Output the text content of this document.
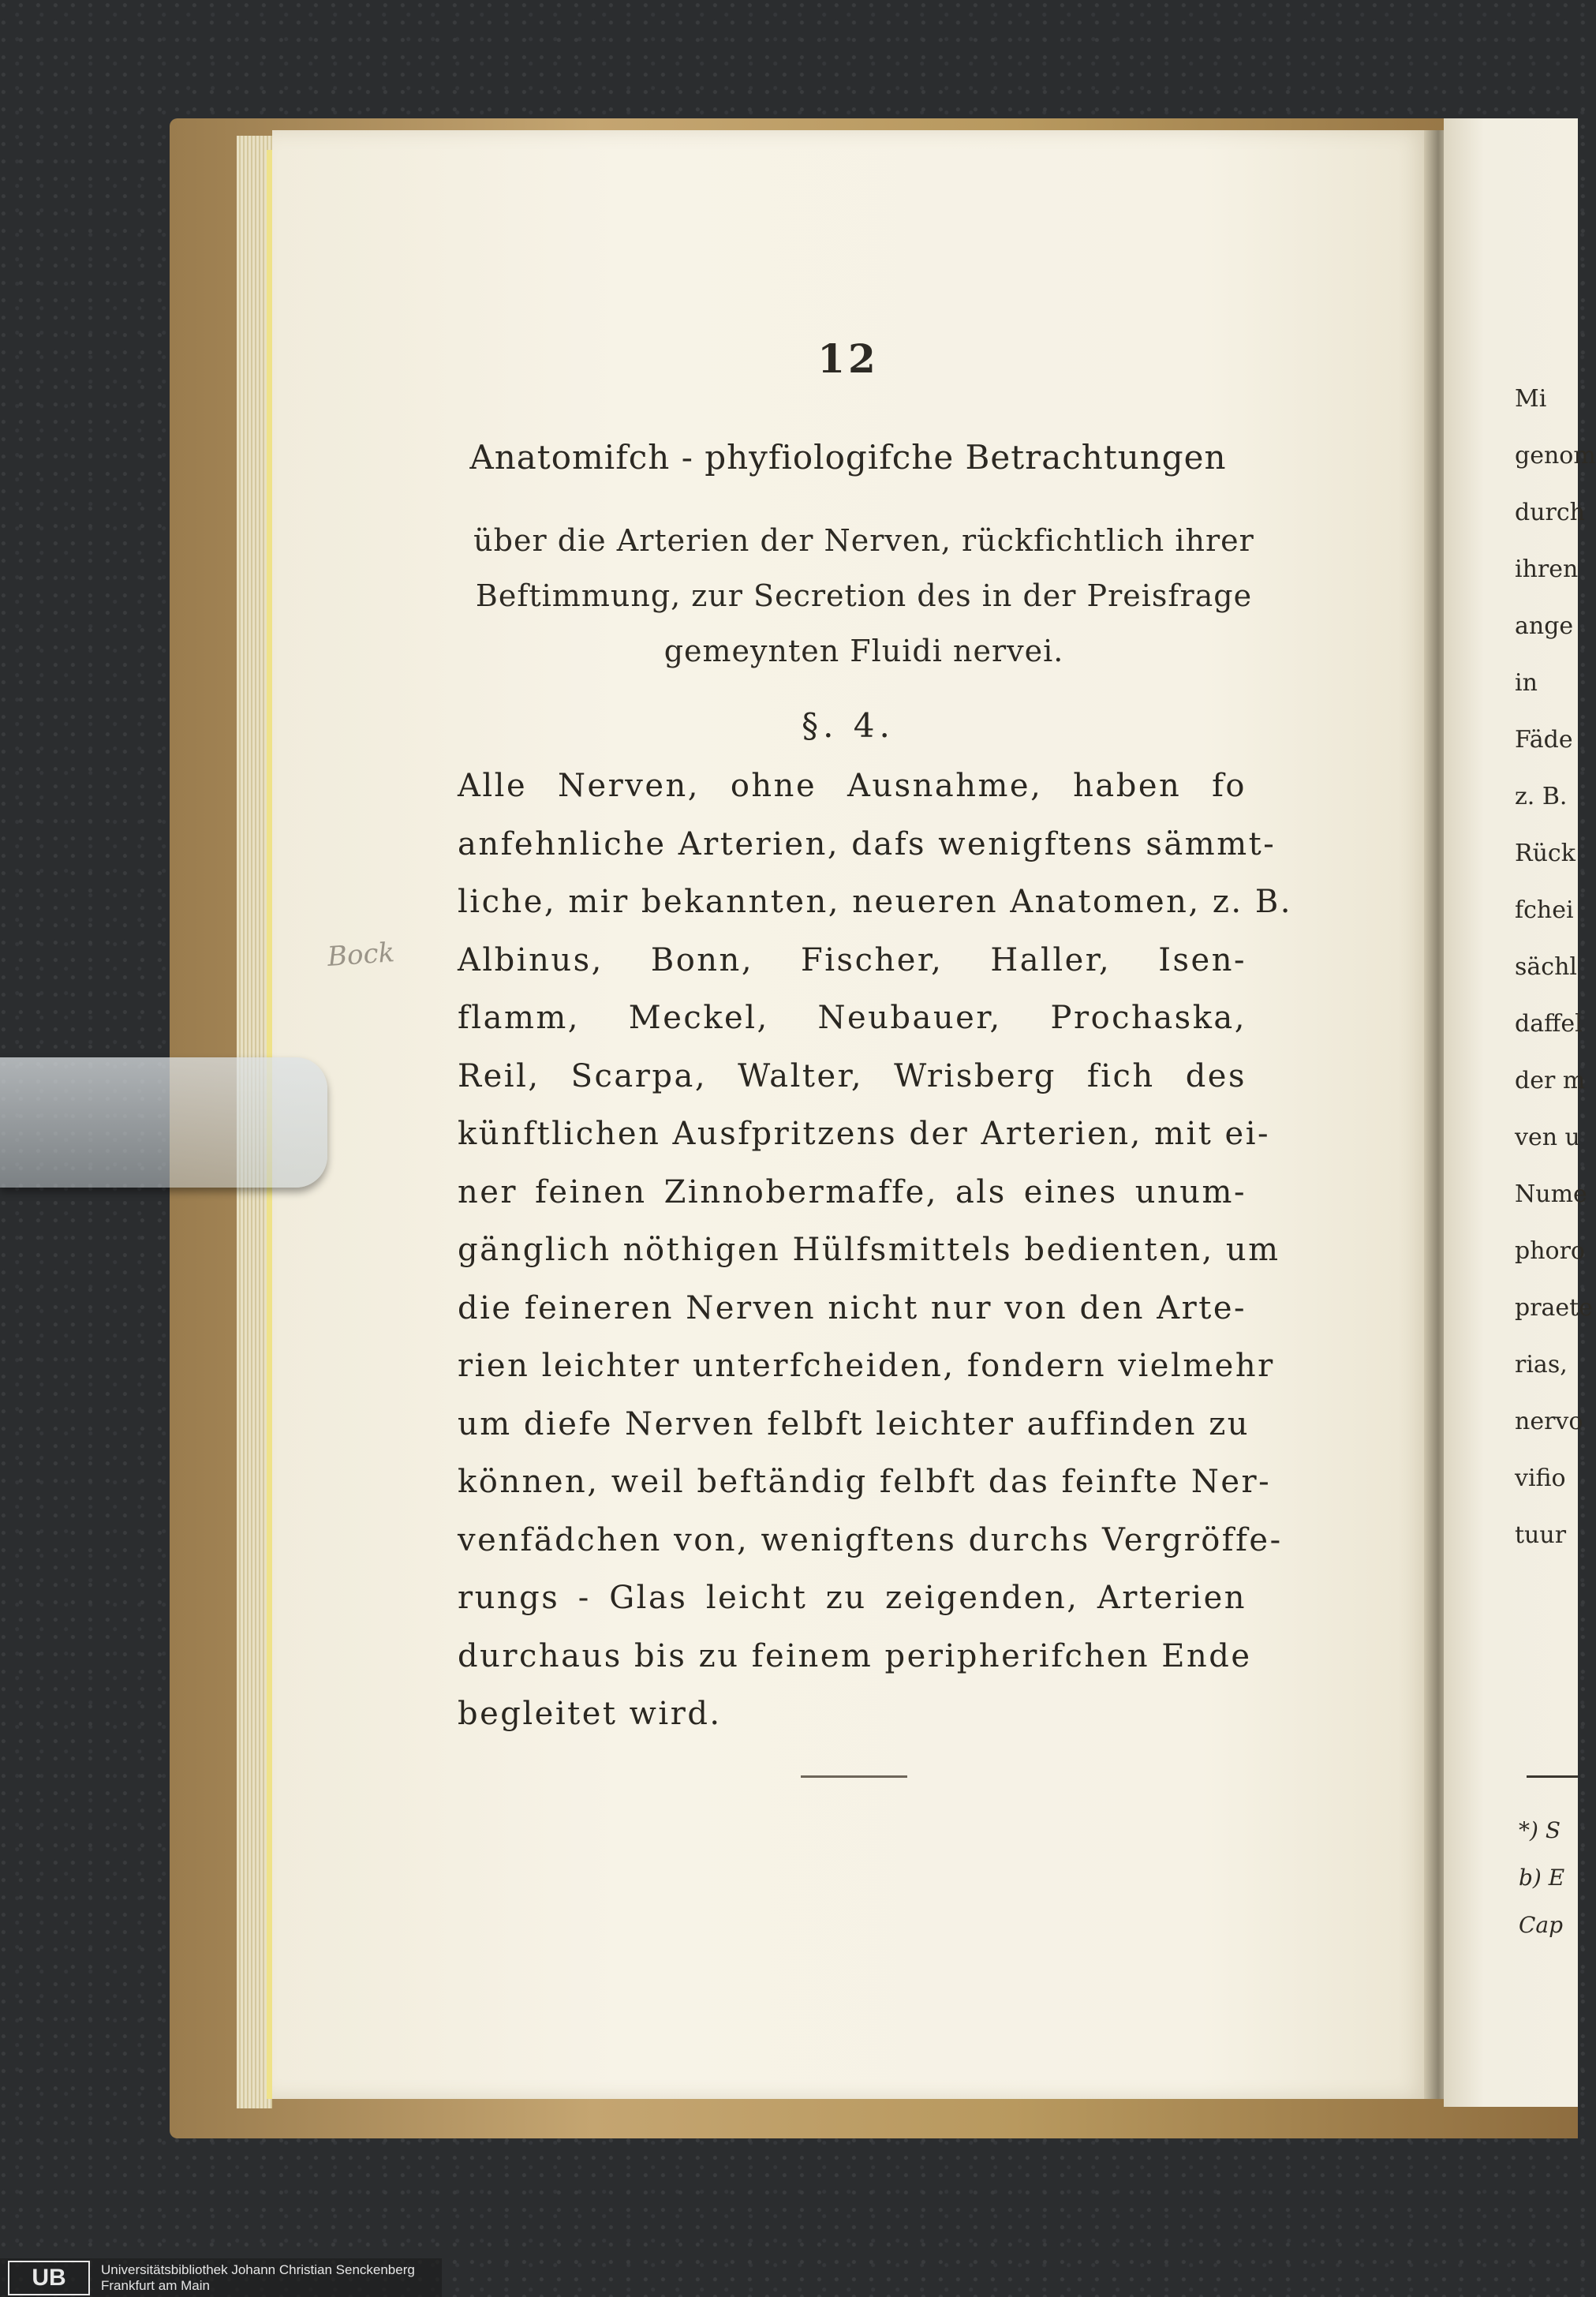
12
Anatomifch - phyfiologifche Betrachtungen
über die Arterien der Nerven, rückfichtlich ihrer
Beftimmung, zur Secretion des in der Preisfrage
gemeynten Fluidi nervei.
§. 4.
Alle Nerven, ohne Ausnahme, haben fo
anfehnliche Arterien, dafs wenigftens sämmt-
liche, mir bekannten, neueren Anatomen, z. B.
Albinus, Bonn, Fischer, Haller, Isen-
flamm, Meckel, Neubauer, Prochaska,
Reil, Scarpa, Walter, Wrisberg fich des
künftlichen Ausfpritzens der Arterien, mit ei-
ner feinen Zinnobermaffe, als eines unum-
gänglich nöthigen Hülfsmittels bedienten, um
die feineren Nerven nicht nur von den Arte-
rien leichter unterfcheiden, fondern vielmehr
um diefe Nerven felbft leichter auffinden zu
können, weil beftändig felbft das feinfte Ner-
venfädchen von, wenigftens durchs Vergröffe-
rungs - Glas leicht zu zeigenden, Arterien
durchaus bis zu feinem peripherifchen Ende
begleitet wird.
Bock
Mi
genom
durch
ihren
ange
in
Fäde
z. B.
Rück
fchei
sächl
daffel
der m
ven u
Nume
phoro
praete
rias,
nervo
vifio
tuur
*) S
b) E
Cap
UB	Universitätsbibliothek Johann Christian Senckenberg
Frankfurt am Main
